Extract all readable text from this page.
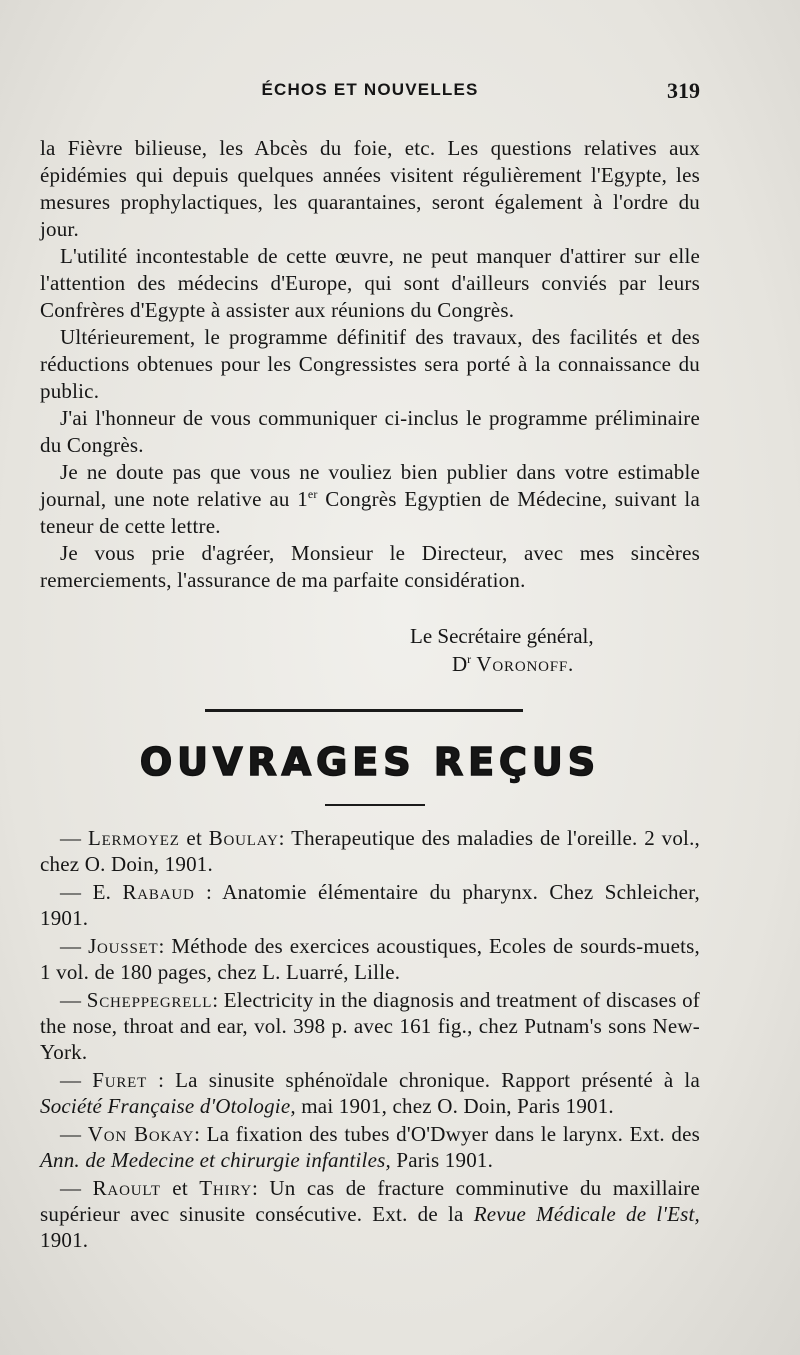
ÉCHOS ET NOUVELLES	319

la Fièvre bilieuse, les Abcès du foie, etc. Les questions relatives aux épidémies qui depuis quelques années visitent régulièrement l'Egypte, les mesures prophylactiques, les quarantaines, seront également à l'ordre du jour.

L'utilité incontestable de cette œuvre, ne peut manquer d'attirer sur elle l'attention des médecins d'Europe, qui sont d'ailleurs conviés par leurs Confrères d'Egypte à assister aux réunions du Congrès.

Ultérieurement, le programme définitif des travaux, des facilités et des réductions obtenues pour les Congressistes sera porté à la connaissance du public.

J'ai l'honneur de vous communiquer ci-inclus le programme préliminaire du Congrès.

Je ne doute pas que vous ne vouliez bien publier dans votre estimable journal, une note relative au 1er Congrès Egyptien de Médecine, suivant la teneur de cette lettre.

Je vous prie d'agréer, Monsieur le Directeur, avec mes sincères remerciements, l'assurance de ma parfaite considération.

Le Secrétaire général,
$D^r$ Voronoff.
OUVRAGES REÇUS

— Lermoyez et Boulay: Therapeutique des maladies de l'oreille. 2 vol., chez O. Doin, 1901.

— E. Rabaud : Anatomie élémentaire du pharynx. Chez Schleicher, 1901.

— Jousset: Méthode des exercices acoustiques, Ecoles de sourds-muets, 1 vol. de 180 pages, chez L. Luarré, Lille.

— Scheppegrell: Electricity in the diagnosis and treatment of discases of the nose, throat and ear, vol. 398 p. avec 161 fig., chez Putnam's sons New-York.

— Furet : La sinusite sphénoïdale chronique. Rapport présenté à la Société Française d'Otologie, mai 1901, chez O. Doin, Paris 1901.

— Von Bokay: La fixation des tubes d'O'Dwyer dans le larynx. Ext. des Ann. de Medecine et chirurgie infantiles, Paris 1901.

— Raoult et Thiry: Un cas de fracture comminutive du maxillaire supérieur avec sinusite consécutive. Ext. de la Revue Médicale de l'Est, 1901.
